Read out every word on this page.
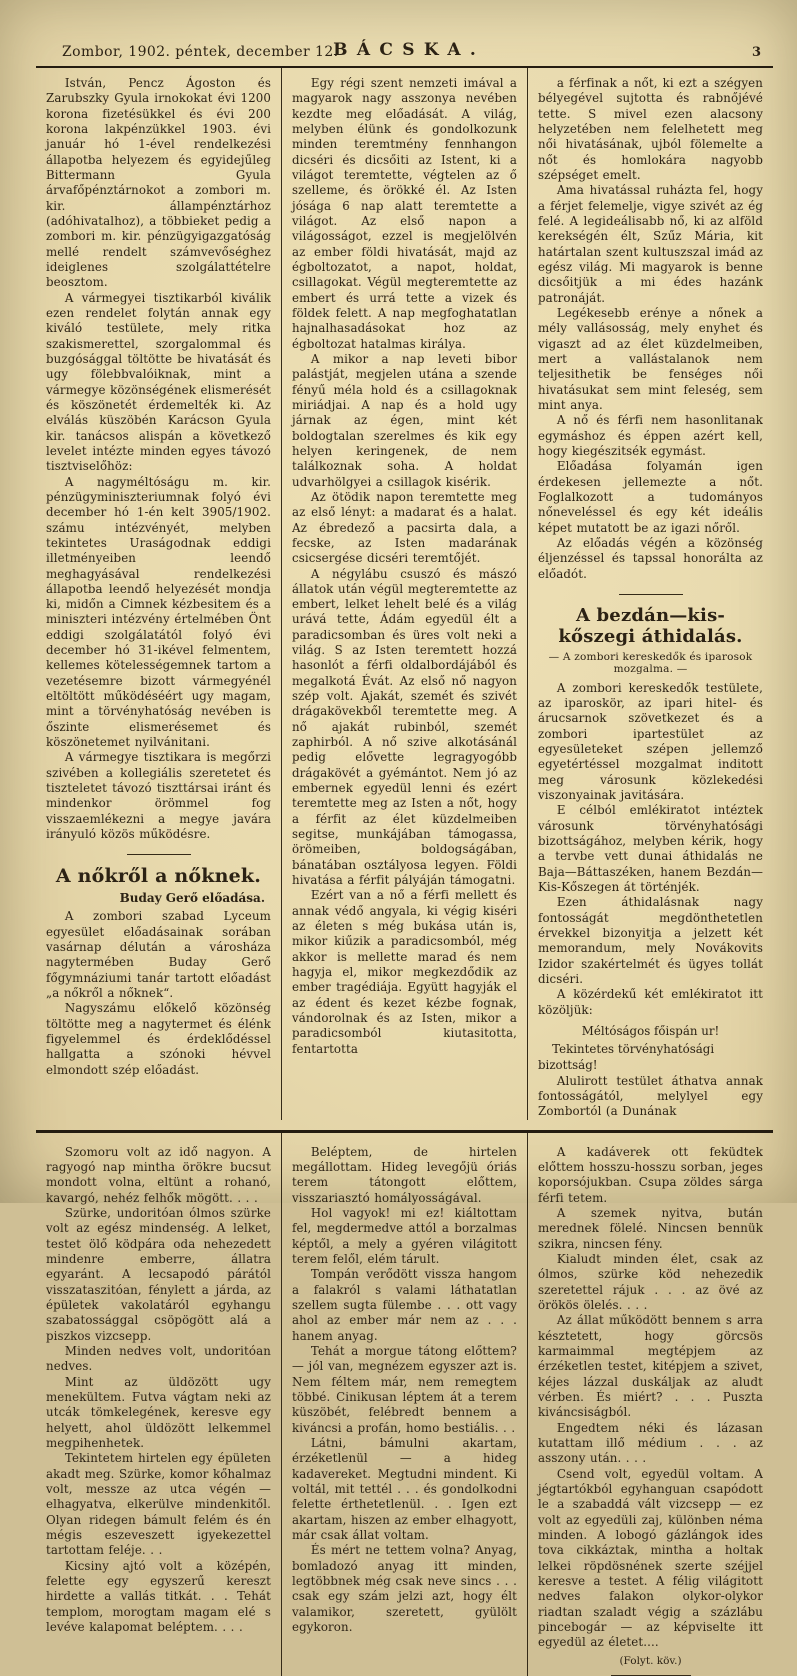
Zombor, 1902. péntek, december 12.
BÁCSKA.	3

István, Pencz Ágoston és Zarubszky Gyula irnokokat évi 1200 korona fizetésükkel és évi 200 korona lakpénzükkel 1903. évi január hó 1-ével rendelkezési állapotba helyezem és egyidejűleg Bittermann Gyula árvafőpénztárnokot a zombori m. kir. állampénztárhoz (adóhivatalhoz), a többieket pedig a zombori m. kir. pénzügyigazgatóság mellé rendelt számvevőséghez ideiglenes szolgálattételre beosztom.

A vármegyei tisztikarból kiválik ezen rendelet folytán annak egy kiváló testülete, mely ritka szakismerettel, szorgalommal és buzgósággal töltötte be hivatását és ugy fölebbvalóiknak, mint a vármegye közönségének elismerését és köszönetét érdemelték ki. Az elválás küszöbén Karácson Gyula kir. tanácsos alispán a következő levelet intézte minden egyes távozó tisztviselőhöz:

A nagyméltóságu m. kir. pénzügyminiszteriumnak folyó évi december hó 1-én kelt 3905/1902. számu intézvényét, melyben tekintetes Uraságodnak eddigi illetményeiben leendő meghagyásával rendelkezési állapotba leendő helyezését mondja ki, midőn a Cimnek kézbesitem és a miniszteri intézvény értelmében Önt eddigi szolgálatától folyó évi december hó 31-ikével felmentem, kellemes kötelességemnek tartom a vezetésemre bizott vármegyénél eltöltött működéséért ugy magam, mint a törvényhatóság nevében is őszinte elismerésemet és köszönetemet nyilvánitani.

A vármegye tisztikara is megőrzi szivében a kollegiális szeretetet és tiszteletet távozó tiszttársai iránt és mindenkor örömmel fog visszaemlékezni a megye javára irányuló közös működésre.

A nőkről a nőknek.
Buday Gerő előadása.

A zombori szabad Lyceum egyesület előadásainak sorában vasárnap délután a városháza nagytermében Buday Gerő főgymnáziumi tanár tartott előadást „a nőkről a nőknek“.

Nagyszámu előkelő közönség töltötte meg a nagytermet és élénk figyelemmel és érdeklődéssel hallgatta a szónoki hévvel elmondott szép előadást.

Egy régi szent nemzeti imával a magyarok nagy asszonya nevében kezdte meg előadását. A világ, melyben élünk és gondolkozunk minden teremtmény fennhangon dicséri és dicsőiti az Istent, ki a világot teremtette, végtelen az ő szelleme, és örökké él. Az Isten jósága 6 nap alatt teremtette a világot. Az első napon a világosságot, ezzel is megjelölvén az ember földi hivatását, majd az égboltozatot, a napot, holdat, csillagokat. Végül megteremtette az embert és urrá tette a vizek és földek felett. A nap megfoghatatlan hajnalhasadásokat hoz az égboltozat hatalmas királya.

A mikor a nap leveti bibor palástját, megjelen utána a szende fényű méla hold és a csillagoknak miriádjai. A nap és a hold ugy járnak az égen, mint két boldogtalan szerelmes és kik egy helyen keringenek, de nem találkoznak soha. A holdat udvarhölgyei a csillagok kisérik.

Az ötödik napon teremtette meg az első lényt: a madarat és a halat. Az ébredező a pacsirta dala, a fecske, az Isten madarának csicsergése dicséri teremtőjét.

A négylábu csuszó és mászó állatok után végül megteremtette az embert, lelket lehelt belé és a világ urává tette, Ádám egyedül élt a paradicsomban és üres volt neki a világ. S az Isten teremtett hozzá hasonlót a férfi oldalbordájából és megalkotá Évát. Az első nő nagyon szép volt. Ajakát, szemét és szivét drágakövekből teremtette meg. A nő ajakát rubinból, szemét zaphirból. A nő szive alkotásánál pedig elővette legragyogóbb drágakövét a gyémántot. Nem jó az embernek egyedül lenni és ezért teremtette meg az Isten a nőt, hogy a férfit az élet küzdelmeiben segitse, munkájában támogassa, örömeiben, boldogságában, bánatában osztályosa legyen. Földi hivatása a férfit pályáján támogatni.

Ezért van a nő a férfi mellett és annak védő angyala, ki végig kiséri az életen s még bukása után is, mikor kiűzik a paradicsomból, még akkor is mellette marad és nem hagyja el, mikor megkezdődik az ember tragédiája. Együtt hagyják el az édent és kezet kézbe fognak, vándorolnak és az Isten, mikor a paradicsomból kiutasitotta, fentartotta

a férfinak a nőt, ki ezt a szégyen bélyegével sujtotta és rabnőjévé tette. S mivel ezen alacsony helyzetében nem felelhetett meg női hivatásának, ujból fölemelte a nőt és homlokára nagyobb szépséget emelt.

Ama hivatással ruházta fel, hogy a férjet felemelje, vigye szivét az ég felé. A legideálisabb nő, ki az alföld kerekségén élt, Szűz Mária, kit határtalan szent kultuszszal imád az egész világ. Mi magyarok is benne dicsőitjük a mi édes hazánk patronáját.

Legékesebb erénye a nőnek a mély vallásosság, mely enyhet és vigaszt ad az élet küzdelmeiben, mert a vallástalanok nem teljesithetik be fenséges női hivatásukat sem mint feleség, sem mint anya.

A nő és férfi nem hasonlitanak egymáshoz és éppen azért kell, hogy kiegészitsék egymást.

Előadása folyamán igen érdekesen jellemezte a nőt. Foglalkozott a tudományos nőneveléssel és egy két ideális képet mutatott be az igazi nőről.

Az előadás végén a közönség éljenzéssel és tapssal honorálta az előadót.

A bezdán—kis-kőszegi áthidalás.
— A zombori kereskedők és iparosok mozgalma. —

A zombori kereskedők testülete, az iparoskör, az ipari hitel- és árucsarnok szövetkezet és a zombori ipartestület az egyesületeket szépen jellemző egyetértéssel mozgalmat inditott meg városunk közlekedési viszonyainak javitására.

E célból emlékiratot intéztek városunk törvényhatósági bizottságához, melyben kérik, hogy a tervbe vett dunai áthidalás ne Baja—Báttaszéken, hanem Bezdán—Kis-Kőszegen át történjék.

Ezen áthidalásnak nagy fontosságát megdönthetetlen érvekkel bizonyitja a jelzett két memorandum, mely Novákovits Izidor szakértelmét és ügyes tollát dicséri.

A közérdekű két emlékiratot itt közöljük:

Méltóságos főispán ur!

Tekintetes törvényhatósági bizottság!

Alulirott testület áthatva annak fontosságától, melylyel egy Zombortól (a Dunának

Szomoru volt az idő nagyon. A ragyogó nap mintha örökre bucsut mondott volna, eltünt a rohanó, kavargó, nehéz felhők mögött. . . .

Szürke, undoritóan ólmos szürke volt az egész mindenség. A lelket, testet ölő ködpára oda nehezedett mindenre emberre, állatra egyaránt. A lecsapodó párától visszataszitóan, fénylett a járda, az épületek vakolatáról egyhangu szabatossággal csöpögött alá a piszkos vizcsepp.

Minden nedves volt, undoritóan nedves.

Mint az üldözött ugy menekültem. Futva vágtam neki az utcák tömkelegének, keresve egy helyett, ahol üldözött lelkemmel megpihenhetek.

Tekintetem hirtelen egy épületen akadt meg. Szürke, komor kőhalmaz volt, messze az utca végén — elhagyatva, elkerülve mindenkitől. Olyan ridegen bámult felém és én mégis eszeveszett igyekezettel tartottam feléje. . .

Kicsiny ajtó volt a középén, felette egy egyszerű kereszt hirdette a vallás titkát. . . Tehát templom, morogtam magam elé s levéve kalapomat beléptem. . . .

Beléptem, de hirtelen megállottam. Hideg levegőjü óriás terem tátongott előttem, visszariasztó homályosságával.

Hol vagyok! mi ez! kiáltottam fel, megdermedve attól a borzalmas képtől, a mely a gyéren világitott terem felől, elém tárult.

Tompán verődött vissza hangom a falakról s valami láthatatlan szellem sugta fülembe . . . ott vagy ahol az ember már nem az . . . hanem anyag.

Tehát a morgue tátong előttem? — jól van, megnézem egyszer azt is. Nem féltem már, nem remegtem többé. Cinikusan léptem át a terem küszöbét, felébredt bennem a kiváncsi a profán, homo bestiális. . .

Látni, bámulni akartam, érzéketlenül — a hideg kadavereket. Megtudni mindent. Ki voltál, mit tettél . . . és gondolkodni felette érthetetlenül. . . Igen ezt akartam, hiszen az ember elhagyott, már csak állat voltam.

És mért ne tettem volna? Anyag, bomladozó anyag itt minden, legtöbbnek még csak neve sincs . . . csak egy szám jelzi azt, hogy élt valamikor, szeretett, gyülölt egykoron.

A kadáverek ott feküdtek előttem hosszu-hosszu sorban, jeges koporsójukban. Csupa zöldes sárga férfi tetem.

A szemek nyitva, bután merednek fölelé. Nincsen bennük szikra, nincsen fény.

Kialudt minden élet, csak az ólmos, szürke köd nehezedik szeretettel rájuk . . . az övé az örökös ölelés. . . .

Az állat működött bennem s arra késztetett, hogy görcsös karmaimmal megtépjem az érzéketlen testet, kitépjem a szivet, kéjes lázzal duskáljak az aludt vérben. És miért? . . . Puszta kiváncsiságból.

Engedtem néki és lázasan kutattam illő médium . . . az asszony után. . . .

Csend volt, egyedül voltam. A jégtartókból egyhanguan csapódott le a szabaddá vált vizcsepp — ez volt az egyedüli zaj, különben néma minden. A lobogó gázlángok ides tova cikkáztak, mintha a holtak lelkei röpdösnének szerte széjjel keresve a testet. A félig világitott nedves falakon olykor-olykor riadtan szaladt végig a százlábu pincebogár — az képviselte itt egyedül az életet....

(Folyt. köv.)
